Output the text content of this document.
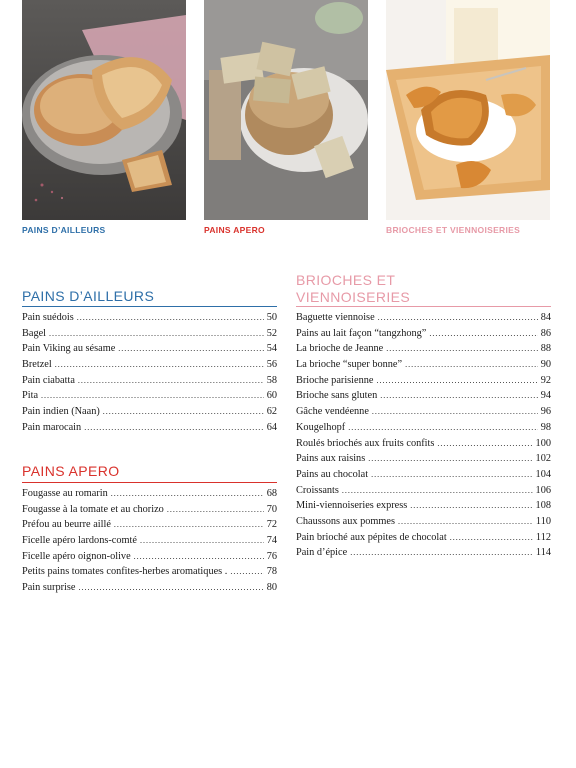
PAINS D’AILLEURS	PAINS APERO	BRIOCHES ET VIENNOISERIES
PAINS D’AILLEURS
Pain suédois .....	50
Bagel .....	52
Pain Viking au sésame .....	54
Bretzel .....	56
Pain ciabatta .....	58
Pita .....	60
Pain indien (Naan) .....	62
Pain marocain .....	64
PAINS APERO
Fougasse au romarin .....	68
Fougasse à la tomate et au chorizo .....	70
Préfou au beurre aillé .....	72
Ficelle apéro lardons-comté .....	74
Ficelle apéro oignon-olive .....	76
Petits pains tomates confites-herbes aromatiques . .....	78
Pain surprise .....	80
BRIOCHES ET
VIENNOISERIES
Baguette viennoise .....	84
Pains au lait façon “tangzhong” .....	86
La brioche de Jeanne .....	88
La brioche “super bonne” .....	90
Brioche parisienne .....	92
Brioche sans gluten .....	94
Gâche vendéenne .....	96
Kougelhopf .....	98
Roulés briochés aux fruits confits .....	100
Pains aux raisins .....	102
Pains au chocolat .....	104
Croissants .....	106
Mini-viennoiseries express .....	108
Chaussons aux pommes .....	110
Pain brioché aux pépites de chocolat .....	112
Pain d’épice .....	114
